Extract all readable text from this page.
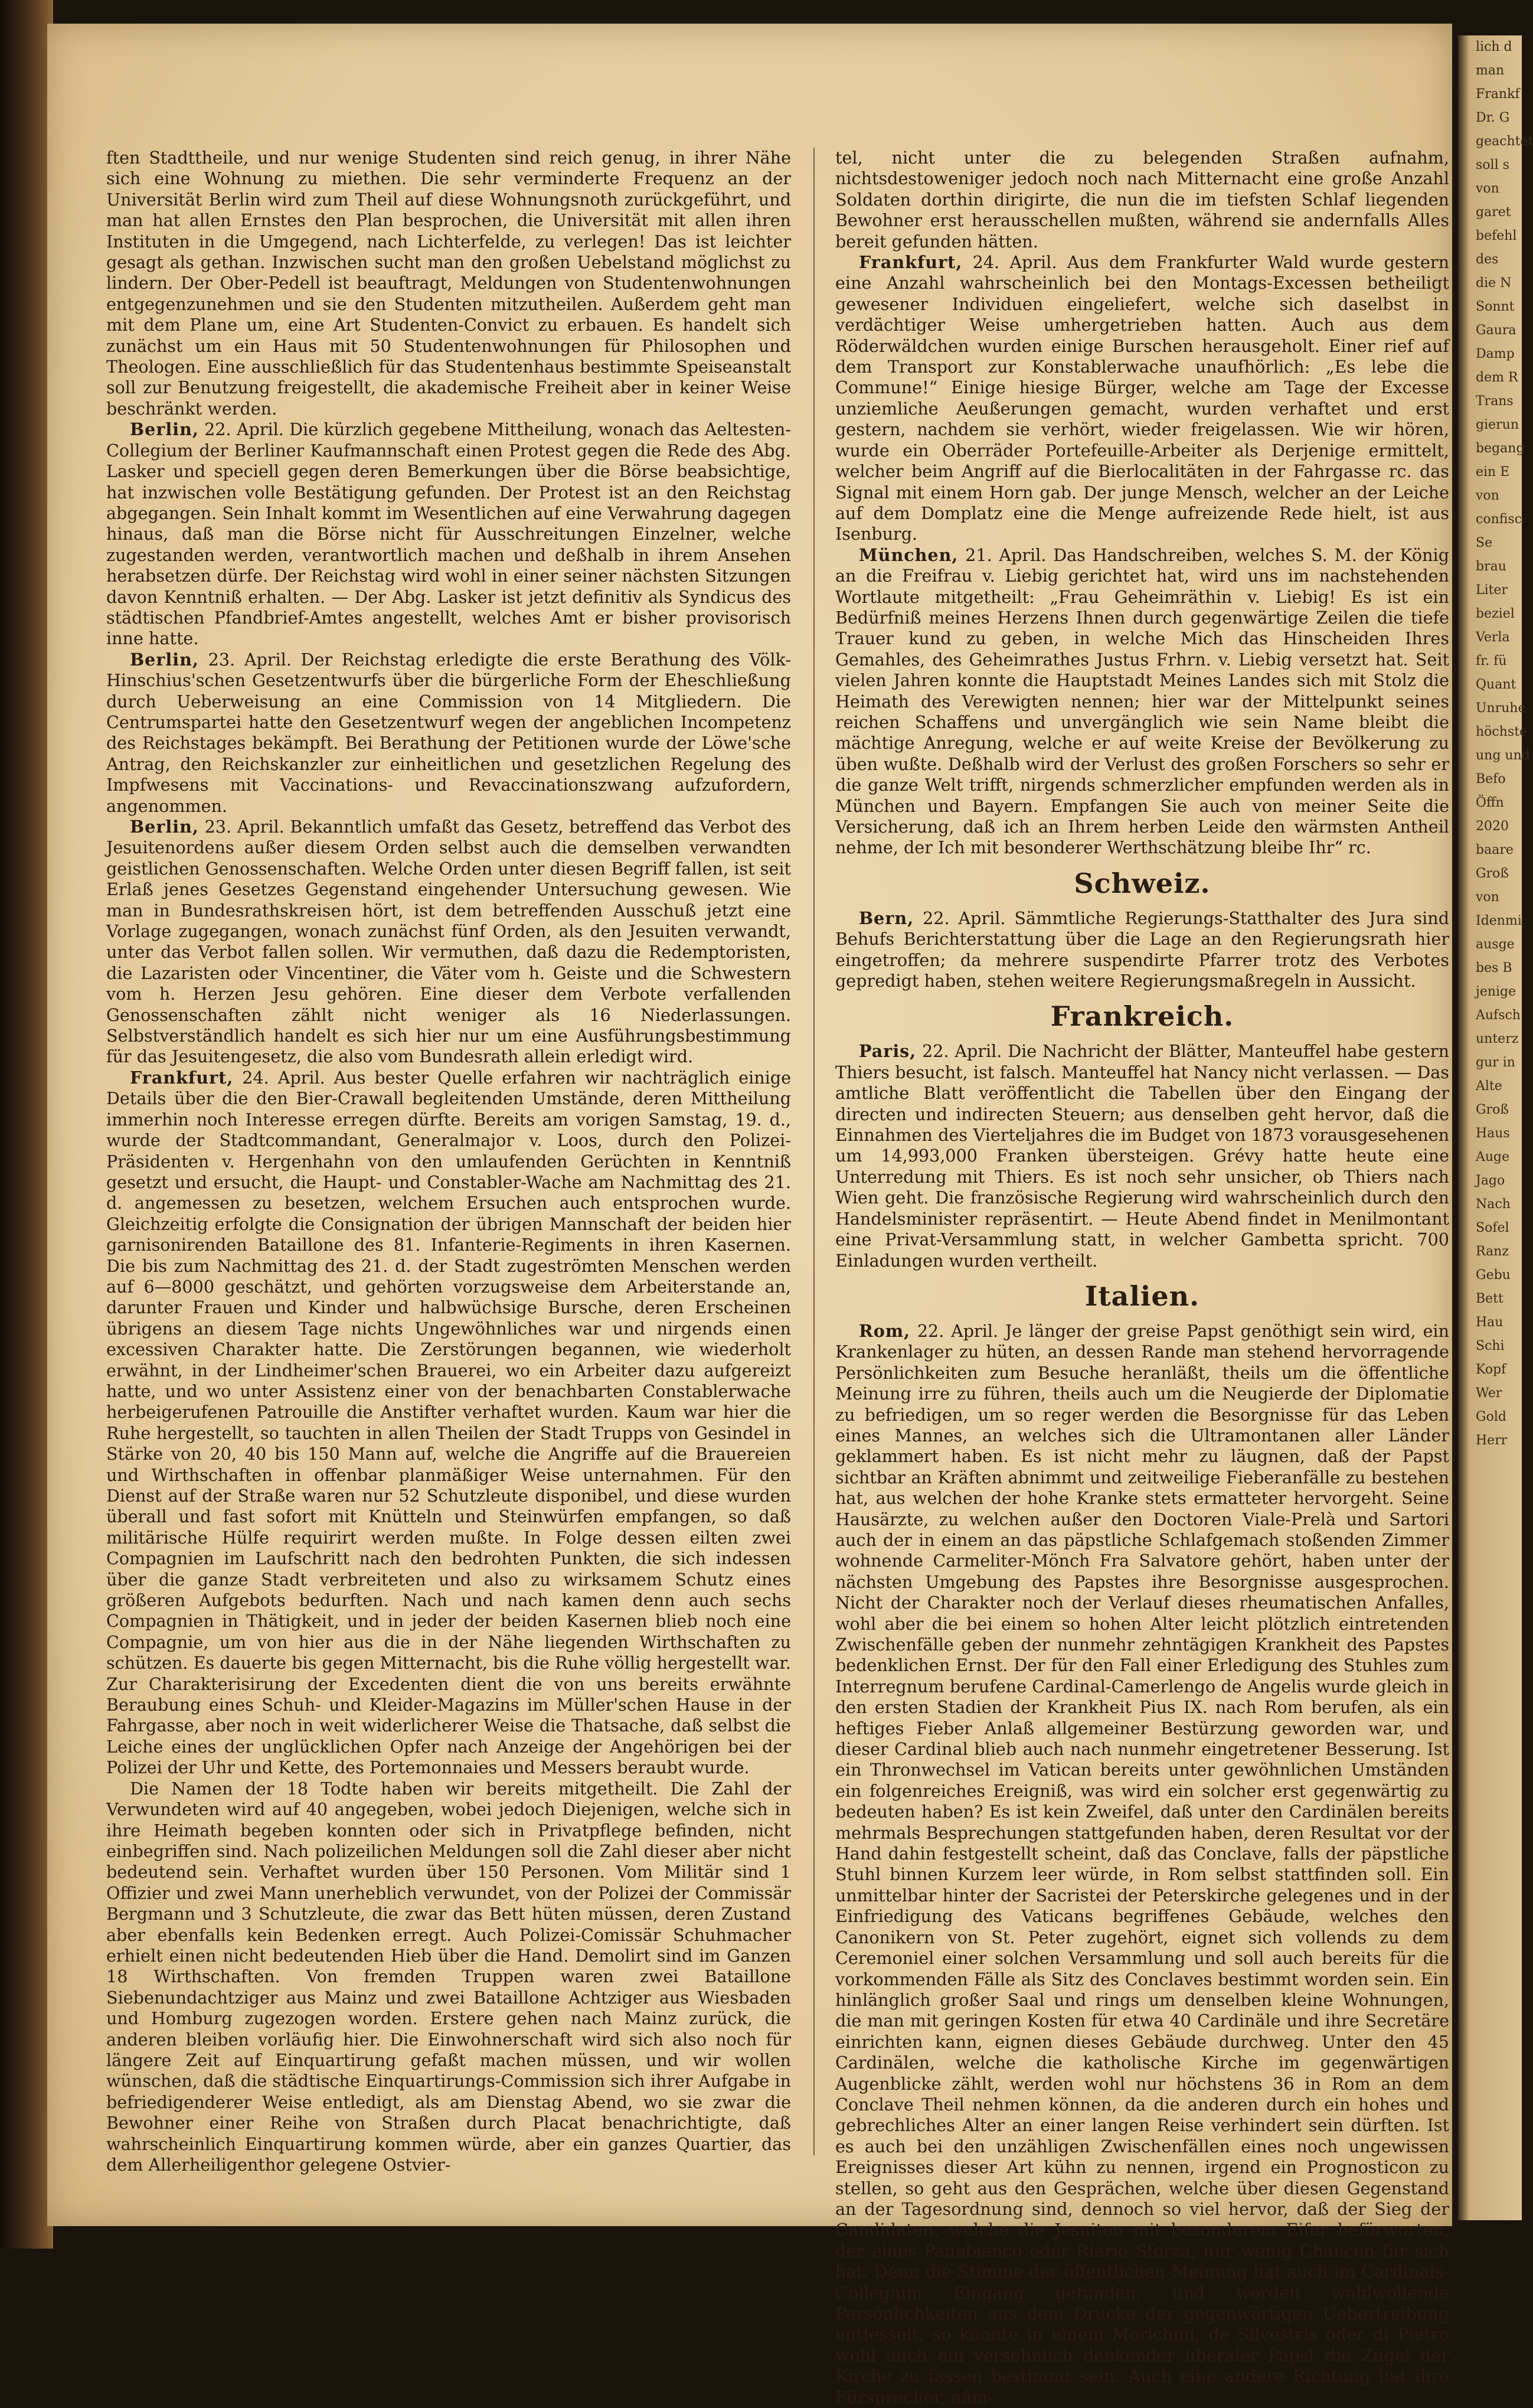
lich d
man
Frankf
Dr. G
geachtet
soll s
von
garet
befehl
des
die N
Sonnt
Gaura
Damp
dem R
Trans
gierun
begang
ein E
von
confisc
Se
brau
Liter
beziel
Verla
fr. fü
Quant
Unruhe
höchste
ung und
Befo
Öffn
2020
baare
Groß
von
Idenmi
ausge
bes B
jenige
Aufsch
unterz
gur in
Alte
Groß
Haus
Auge
Jago
Nach
Sofel
Ranz
Gebu
Bett
Hau
Schi
Kopf
Wer
Gold
Herr

ften Stadttheile, und nur wenige Studenten sind reich genug, in ihrer Nähe sich eine Wohnung zu miethen. Die sehr verminderte Frequenz an der Universität Berlin wird zum Theil auf diese Wohnungsnoth zurückgeführt, und man hat allen Ernstes den Plan besprochen, die Universität mit allen ihren Instituten in die Umgegend, nach Lichterfelde, zu verlegen! Das ist leichter gesagt als gethan. Inzwischen sucht man den großen Uebelstand möglichst zu lindern. Der Ober-Pedell ist beauftragt, Meldungen von Studentenwohnungen entgegenzunehmen und sie den Studenten mitzutheilen. Außerdem geht man mit dem Plane um, eine Art Studenten-Convict zu erbauen. Es handelt sich zunächst um ein Haus mit 50 Studentenwohnungen für Philosophen und Theologen. Eine ausschließlich für das Studentenhaus bestimmte Speiseanstalt soll zur Benutzung freigestellt, die akademische Freiheit aber in keiner Weise beschränkt werden.

Berlin, 22. April. Die kürzlich gegebene Mittheilung, wonach das Aeltesten-Collegium der Berliner Kaufmannschaft einen Protest gegen die Rede des Abg. Lasker und speciell gegen deren Bemerkungen über die Börse beabsichtige, hat inzwischen volle Bestätigung gefunden. Der Protest ist an den Reichstag abgegangen. Sein Inhalt kommt im Wesentlichen auf eine Verwahrung dagegen hinaus, daß man die Börse nicht für Ausschreitungen Einzelner, welche zugestanden werden, verantwortlich machen und deßhalb in ihrem Ansehen herabsetzen dürfe. Der Reichstag wird wohl in einer seiner nächsten Sitzungen davon Kenntniß erhalten. — Der Abg. Lasker ist jetzt definitiv als Syndicus des städtischen Pfandbrief-Amtes angestellt, welches Amt er bisher provisorisch inne hatte.

Berlin, 23. April. Der Reichstag erledigte die erste Berathung des Völk-Hinschius'schen Gesetzentwurfs über die bürgerliche Form der Eheschließung durch Ueberweisung an eine Commission von 14 Mitgliedern. Die Centrumspartei hatte den Gesetzentwurf wegen der angeblichen Incompetenz des Reichstages bekämpft. Bei Berathung der Petitionen wurde der Löwe'sche Antrag, den Reichskanzler zur einheitlichen und gesetzlichen Regelung des Impfwesens mit Vaccinations- und Revaccinationszwang aufzufordern, angenommen.

Berlin, 23. April. Bekanntlich umfaßt das Gesetz, betreffend das Verbot des Jesuitenordens außer diesem Orden selbst auch die demselben verwandten geistlichen Genossenschaften. Welche Orden unter diesen Begriff fallen, ist seit Erlaß jenes Gesetzes Gegenstand eingehender Untersuchung gewesen. Wie man in Bundesrathskreisen hört, ist dem betreffenden Ausschuß jetzt eine Vorlage zugegangen, wonach zunächst fünf Orden, als den Jesuiten verwandt, unter das Verbot fallen sollen. Wir vermuthen, daß dazu die Redemptoristen, die Lazaristen oder Vincentiner, die Väter vom h. Geiste und die Schwestern vom h. Herzen Jesu gehören. Eine dieser dem Verbote verfallenden Genossenschaften zählt nicht weniger als 16 Niederlassungen. Selbstverständlich handelt es sich hier nur um eine Ausführungsbestimmung für das Jesuitengesetz, die also vom Bundesrath allein erledigt wird.

Frankfurt, 24. April. Aus bester Quelle erfahren wir nachträglich einige Details über die den Bier-Crawall begleitenden Umstände, deren Mittheilung immerhin noch Interesse erregen dürfte. Bereits am vorigen Samstag, 19. d., wurde der Stadtcommandant, Generalmajor v. Loos, durch den Polizei-Präsidenten v. Hergenhahn von den umlaufenden Gerüchten in Kenntniß gesetzt und ersucht, die Haupt- und Constabler-Wache am Nachmittag des 21. d. angemessen zu besetzen, welchem Ersuchen auch entsprochen wurde. Gleichzeitig erfolgte die Consignation der übrigen Mannschaft der beiden hier garnisonirenden Bataillone des 81. Infanterie-Regiments in ihren Kasernen. Die bis zum Nachmittag des 21. d. der Stadt zugeströmten Menschen werden auf 6—8000 geschätzt, und gehörten vorzugsweise dem Arbeiterstande an, darunter Frauen und Kinder und halbwüchsige Bursche, deren Erscheinen übrigens an diesem Tage nichts Ungewöhnliches war und nirgends einen excessiven Charakter hatte. Die Zerstörungen begannen, wie wiederholt erwähnt, in der Lindheimer'schen Brauerei, wo ein Arbeiter dazu aufgereizt hatte, und wo unter Assistenz einer von der benachbarten Constablerwache herbeigerufenen Patrouille die Anstifter verhaftet wurden. Kaum war hier die Ruhe hergestellt, so tauchten in allen Theilen der Stadt Trupps von Gesindel in Stärke von 20, 40 bis 150 Mann auf, welche die Angriffe auf die Brauereien und Wirthschaften in offenbar planmäßiger Weise unternahmen. Für den Dienst auf der Straße waren nur 52 Schutzleute disponibel, und diese wurden überall und fast sofort mit Knütteln und Steinwürfen empfangen, so daß militärische Hülfe requirirt werden mußte. In Folge dessen eilten zwei Compagnien im Laufschritt nach den bedrohten Punkten, die sich indessen über die ganze Stadt verbreiteten und also zu wirksamem Schutz eines größeren Aufgebots bedurften. Nach und nach kamen denn auch sechs Compagnien in Thätigkeit, und in jeder der beiden Kasernen blieb noch eine Compagnie, um von hier aus die in der Nähe liegenden Wirthschaften zu schützen. Es dauerte bis gegen Mitternacht, bis die Ruhe völlig hergestellt war. Zur Charakterisirung der Excedenten dient die von uns bereits erwähnte Beraubung eines Schuh- und Kleider-Magazins im Müller'schen Hause in der Fahrgasse, aber noch in weit widerlicherer Weise die Thatsache, daß selbst die Leiche eines der unglücklichen Opfer nach Anzeige der Angehörigen bei der Polizei der Uhr und Kette, des Portemonnaies und Messers beraubt wurde.

Die Namen der 18 Todte haben wir bereits mitgetheilt. Die Zahl der Verwundeten wird auf 40 angegeben, wobei jedoch Diejenigen, welche sich in ihre Heimath begeben konnten oder sich in Privatpflege befinden, nicht einbegriffen sind. Nach polizeilichen Meldungen soll die Zahl dieser aber nicht bedeutend sein. Verhaftet wurden über 150 Personen. Vom Militär sind 1 Offizier und zwei Mann unerheblich verwundet, von der Polizei der Commissär Bergmann und 3 Schutzleute, die zwar das Bett hüten müssen, deren Zustand aber ebenfalls kein Bedenken erregt. Auch Polizei-Comissär Schuhmacher erhielt einen nicht bedeutenden Hieb über die Hand. Demolirt sind im Ganzen 18 Wirthschaften. Von fremden Truppen waren zwei Bataillone Siebenundachtziger aus Mainz und zwei Bataillone Achtziger aus Wiesbaden und Homburg zugezogen worden. Erstere gehen nach Mainz zurück, die anderen bleiben vorläufig hier. Die Einwohnerschaft wird sich also noch für längere Zeit auf Einquartirung gefaßt machen müssen, und wir wollen wünschen, daß die städtische Einquartirungs-Commission sich ihrer Aufgabe in befriedigenderer Weise entledigt, als am Dienstag Abend, wo sie zwar die Bewohner einer Reihe von Straßen durch Placat benachrichtigte, daß wahrscheinlich Einquartirung kommen würde, aber ein ganzes Quartier, das dem Allerheiligenthor gelegene Ostvier-

tel, nicht unter die zu belegenden Straßen aufnahm, nichtsdestoweniger jedoch noch nach Mitternacht eine große Anzahl Soldaten dorthin dirigirte, die nun die im tiefsten Schlaf liegenden Bewohner erst herausschellen mußten, während sie andernfalls Alles bereit gefunden hätten.

Frankfurt, 24. April. Aus dem Frankfurter Wald wurde gestern eine Anzahl wahrscheinlich bei den Montags-Excessen betheiligt gewesener Individuen eingeliefert, welche sich daselbst in verdächtiger Weise umhergetrieben hatten. Auch aus dem Röderwäldchen wurden einige Burschen herausgeholt. Einer rief auf dem Transport zur Konstablerwache unaufhörlich: „Es lebe die Commune!“ Einige hiesige Bürger, welche am Tage der Excesse unziemliche Aeußerungen gemacht, wurden verhaftet und erst gestern, nachdem sie verhört, wieder freigelassen. Wie wir hören, wurde ein Oberräder Portefeuille-Arbeiter als Derjenige ermittelt, welcher beim Angriff auf die Bierlocalitäten in der Fahrgasse rc. das Signal mit einem Horn gab. Der junge Mensch, welcher an der Leiche auf dem Domplatz eine die Menge aufreizende Rede hielt, ist aus Isenburg.

München, 21. April. Das Handschreiben, welches S. M. der König an die Freifrau v. Liebig gerichtet hat, wird uns im nachstehenden Wortlaute mitgetheilt: „Frau Geheimräthin v. Liebig! Es ist ein Bedürfniß meines Herzens Ihnen durch gegenwärtige Zeilen die tiefe Trauer kund zu geben, in welche Mich das Hinscheiden Ihres Gemahles, des Geheimrathes Justus Frhrn. v. Liebig versetzt hat. Seit vielen Jahren konnte die Hauptstadt Meines Landes sich mit Stolz die Heimath des Verewigten nennen; hier war der Mittelpunkt seines reichen Schaffens und unvergänglich wie sein Name bleibt die mächtige Anregung, welche er auf weite Kreise der Bevölkerung zu üben wußte. Deßhalb wird der Verlust des großen Forschers so sehr er die ganze Welt trifft, nirgends schmerzlicher empfunden werden als in München und Bayern. Empfangen Sie auch von meiner Seite die Versicherung, daß ich an Ihrem herben Leide den wärmsten Antheil nehme, der Ich mit besonderer Werthschätzung bleibe Ihr“ rc.

Schweiz.

Bern, 22. April. Sämmtliche Regierungs-Statthalter des Jura sind Behufs Berichterstattung über die Lage an den Regierungsrath hier eingetroffen; da mehrere suspendirte Pfarrer trotz des Verbotes gepredigt haben, stehen weitere Regierungsmaßregeln in Aussicht.

Frankreich.

Paris, 22. April. Die Nachricht der Blätter, Manteuffel habe gestern Thiers besucht, ist falsch. Manteuffel hat Nancy nicht verlassen. — Das amtliche Blatt veröffentlicht die Tabellen über den Eingang der directen und indirecten Steuern; aus denselben geht hervor, daß die Einnahmen des Vierteljahres die im Budget von 1873 vorausgesehenen um 14,993,000 Franken übersteigen. Grévy hatte heute eine Unterredung mit Thiers. Es ist noch sehr unsicher, ob Thiers nach Wien geht. Die französische Regierung wird wahrscheinlich durch den Handelsminister repräsentirt. — Heute Abend findet in Menilmontant eine Privat-Versammlung statt, in welcher Gambetta spricht. 700 Einladungen wurden vertheilt.

Italien.

Rom, 22. April. Je länger der greise Papst genöthigt sein wird, ein Krankenlager zu hüten, an dessen Rande man stehend hervorragende Persönlichkeiten zum Besuche heranläßt, theils um die öffentliche Meinung irre zu führen, theils auch um die Neugierde der Diplomatie zu befriedigen, um so reger werden die Besorgnisse für das Leben eines Mannes, an welches sich die Ultramontanen aller Länder geklammert haben. Es ist nicht mehr zu läugnen, daß der Papst sichtbar an Kräften abnimmt und zeitweilige Fieberanfälle zu bestehen hat, aus welchen der hohe Kranke stets ermatteter hervorgeht. Seine Hausärzte, zu welchen außer den Doctoren Viale-Prelà und Sartori auch der in einem an das päpstliche Schlafgemach stoßenden Zimmer wohnende Carmeliter-Mönch Fra Salvatore gehört, haben unter der nächsten Umgebung des Papstes ihre Besorgnisse ausgesprochen. Nicht der Charakter noch der Verlauf dieses rheumatischen Anfalles, wohl aber die bei einem so hohen Alter leicht plötzlich eintretenden Zwischenfälle geben der nunmehr zehntägigen Krankheit des Papstes bedenklichen Ernst. Der für den Fall einer Erledigung des Stuhles zum Interregnum berufene Cardinal-Camerlengo de Angelis wurde gleich in den ersten Stadien der Krankheit Pius IX. nach Rom berufen, als ein heftiges Fieber Anlaß allgemeiner Bestürzung geworden war, und dieser Cardinal blieb auch nach nunmehr eingetretener Besserung. Ist ein Thronwechsel im Vatican bereits unter gewöhnlichen Umständen ein folgenreiches Ereigniß, was wird ein solcher erst gegenwärtig zu bedeuten haben? Es ist kein Zweifel, daß unter den Cardinälen bereits mehrmals Besprechungen stattgefunden haben, deren Resultat vor der Hand dahin festgestellt scheint, daß das Conclave, falls der päpstliche Stuhl binnen Kurzem leer würde, in Rom selbst stattfinden soll. Ein unmittelbar hinter der Sacristei der Peterskirche gelegenes und in der Einfriedigung des Vaticans begriffenes Gebäude, welches den Canonikern von St. Peter zugehört, eignet sich vollends zu dem Ceremoniel einer solchen Versammlung und soll auch bereits für die vorkommenden Fälle als Sitz des Conclaves bestimmt worden sein. Ein hinlänglich großer Saal und rings um denselben kleine Wohnungen, die man mit geringen Kosten für etwa 40 Cardinäle und ihre Secretäre einrichten kann, eignen dieses Gebäude durchweg. Unter den 45 Cardinälen, welche die katholische Kirche im gegenwärtigen Augenblicke zählt, werden wohl nur höchstens 36 in Rom an dem Conclave Theil nehmen können, da die anderen durch ein hohes und gebrechliches Alter an einer langen Reise verhindert sein dürften. Ist es auch bei den unzähligen Zwischenfällen eines noch ungewissen Ereignisses dieser Art kühn zu nennen, irgend ein Prognosticon zu stellen, so geht aus den Gesprächen, welche über diesen Gegenstand an der Tagesordnung sind, dennoch so viel hervor, daß der Sieg der Candidaten, welche die Jesuiten mit besonderem Eifer befürworten, der eines Pauebianco oder Riario Sforza, nur wenig Chancen für sich hat. Denn die Stimme der öffentlichen Meinung hat auch im Cardinals-Collegium Eingang gefunden, und werden wohlwollende Persönlichkeiten aus dem Drucke der gegenwärtigen Uebertreibung entfesselt, so könnte in einem Morichini, de Silvestris oder di Pietro wohl auch ein versöhnlich denkender liberaler Papst die Zügel der Kirche zu fassen bestimmt sein. Auch eine andere Richtung hat ihre Fürsprecher, nám-
